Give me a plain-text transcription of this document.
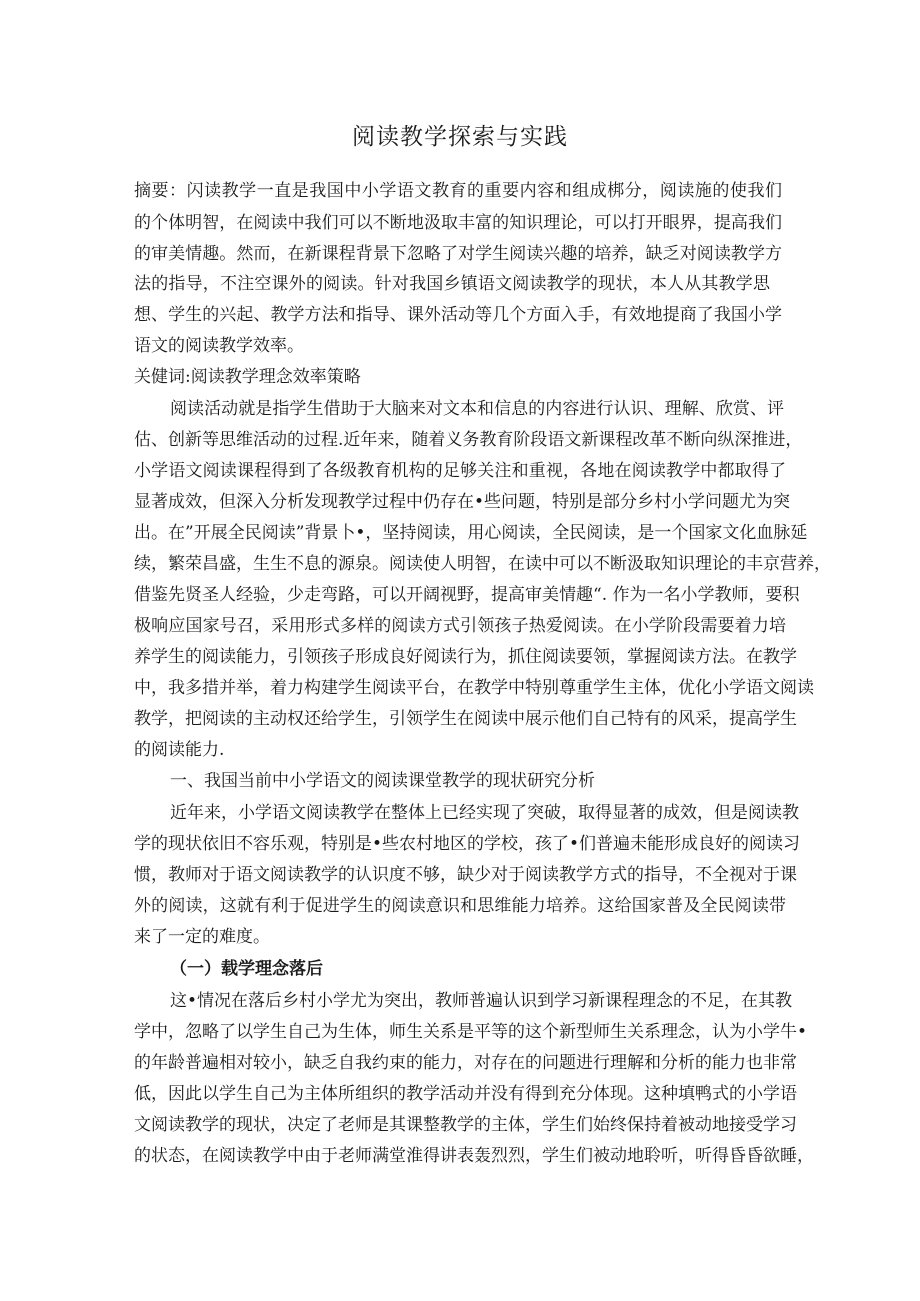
阅读教学探索与实践

摘要：闪读教学一直是我国中小学语文教育的重要内容和组成梆分，阅读施的使我们

的个体明智，在阅读中我们可以不断地汲取丰富的知识理论，可以打开眼界，提高我们

的审美情趣。然而，在新课程背景下忽略了对学生阅读兴趣的培养，缺乏对阅读教学方

法的指导，不注空课外的阅读。针对我国乡镇语文阅读教学的现状，本人从其教学思

想、学生的兴起、教学方法和指导、课外活动等几个方面入手，有效地提商了我国小学

语文的阅读教学效率。

关健词:阅读教学理念效率策略

阅读活动就是指学生借助于大脑来对文本和信息的内容进行认识、理解、欣赏、评

估、创新等思维活动的过程.近年来，随着义务教育阶段语文新课程改革不断向纵深推进，

小学语文阅读课程得到了各级教育机构的足够关注和重视，各地在阅读教学中都取得了

显著成效，但深入分析发现教学过程中仍存在•些问题，特别是部分乡村小学问题尤为突

出。在”开展全民阅读”背景卜•，坚持阅读，用心阅读，全民阅读，是一个国家文化血脉延

续，繁荣昌盛，生生不息的源泉。阅读使人明智，在读中可以不断汲取知识理论的丰京营养，

借鉴先贤圣人经验，少走弯路，可以开阔视野，提高审美情趣“. 作为一名小学教师，要积

极响应国家号召，采用形式多样的阅读方式引领孩子热爱阅读。在小学阶段需要着力培

养学生的阅读能力，引领孩子形成良好阅读行为，抓住阅读要领，掌握阅读方法。在教学

中，我多措并举，着力构建学生阅读平台，在教学中特别尊重学生主体，优化小学语文阅读

教学，把阅读的主动权还给学生，引领学生在阅读中展示他们自己特有的风采，提高学生

的阅读能力.

一、我国当前中小学语文的阅读课堂教学的现状研究分析

近年来，小学语文阅读教学在整体上已经实现了突破，取得显著的成效，但是阅读教

学的现状依旧不容乐观，特别是•些农村地区的学校，孩了•们普遍未能形成良好的阅读习

惯，教师对于语文阅读教学的认识度不够，缺少对于阅读教学方式的指导，不全视对于课

外的阅读，这就有利于促进学生的阅读意识和思维能力培养。这给国家普及全民阅读带

来了一定的难度。

（一）载学理念落后

这•情况在落后乡村小学尤为突出，教师普遍认识到学习新课程理念的不足，在其教

学中，忽略了以学生自己为生体，师生关系是平等的这个新型师生关系理念，认为小学牛•

的年龄普遍相对较小，缺乏自我约束的能力，对存在的问题进行理解和分析的能力也非常

低，因此以学生自己为主体所组织的教学活动并没有得到充分体现。这种填鸭式的小学语

文阅读教学的现状，决定了老师是其课整教学的主体，学生们始终保持着被动地接受学习

的状态，在阅读教学中由于老师满堂淮得讲表轰烈烈，学生们被动地聆听，听得昏昏欲睡，
